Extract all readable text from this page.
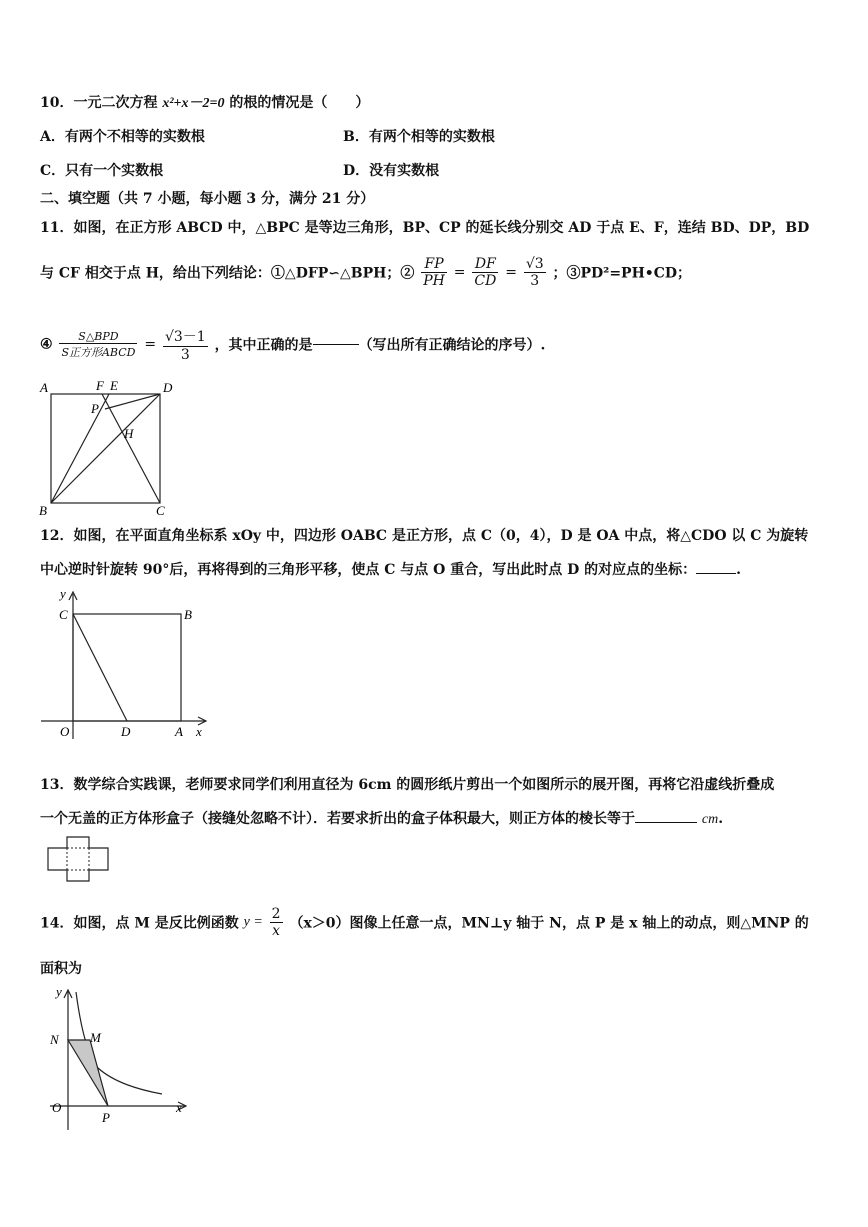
10．一元二次方程 x²+x－2=0 的根的情况是（　　）
A．有两个不相等的实数根	B．有两个相等的实数根
C．只有一个实数根	D．没有实数根
二、填空题（共 7 小题，每小题 3 分，满分 21 分）
11．如图，在正方形 ABCD 中，△BPC 是等边三角形，BP、CP 的延长线分别交 AD 于点 E、F，连结 BD、DP，BD
与 CF 相交于点 H，给出下列结论：①△DFP∽△BPH；② $\frac{FP}{PH} = \frac{DF}{CD} = \frac{√3}{3}$ ；③PD²=PH•CD；
④ $\frac{\text{S△BPD}}{\text{S正方形ABCD}} = \frac{√3-1}{3}$ ，其中正确的是	（写出所有正确结论的序号）.
A	F E	D
P
H
B	C
12．如图，在平面直角坐标系 xOy 中，四边形 OABC 是正方形，点 C（0，4），D 是 OA 中点，将△CDO 以 C 为旋转
中心逆时针旋转 90°后，再将得到的三角形平移，使点 C 与点 O 重合，写出此时点 D 的对应点的坐标：	.
y
C	B
O	D	A x
13．数学综合实践课，老师要求同学们利用直径为 6cm 的圆形纸片剪出一个如图所示的展开图，再将它沿虚线折叠成
一个无盖的正方体形盒子（接缝处忽略不计）．若要求折出的盒子体积最大，则正方体的棱长等于	cm.
14．如图，点 M 是反比例函数 $y = \frac{2}{x} (x>0)$图像上任意一点，MN⊥y 轴于 N，点 P 是 x 轴上的动点，则△MNP 的
面积为
y
N M
O
P
x
